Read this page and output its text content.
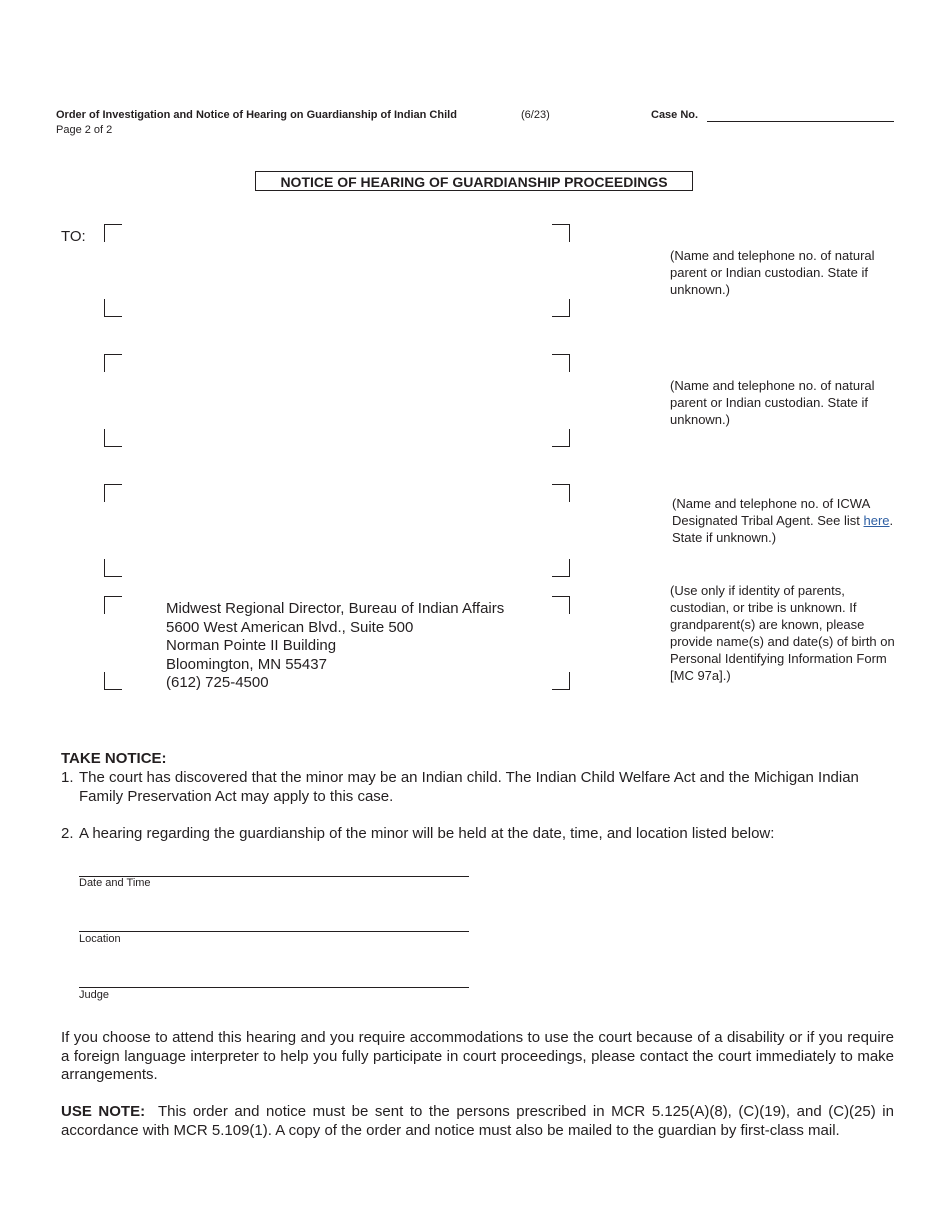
Order of Investigation and Notice of Hearing on Guardianship of Indian Child	(6/23)
Page 2 of 2
Case No.
NOTICE OF HEARING OF GUARDIANSHIP PROCEEDINGS
TO:
(Name and telephone no. of natural parent or Indian custodian. State if unknown.)
(Name and telephone no. of natural parent or Indian custodian. State if unknown.)
(Name and telephone no. of ICWA Designated Tribal Agent. See list here. State if unknown.)
Midwest Regional Director, Bureau of Indian Affairs
5600 West American Blvd., Suite 500
Norman Pointe II Building
Bloomington, MN 55437
(612) 725-4500
(Use only if identity of parents, custodian, or tribe is unknown. If grandparent(s) are known, please provide name(s) and date(s) of birth on Personal Identifying Information Form [MC 97a].)
TAKE NOTICE:
1. The court has discovered that the minor may be an Indian child. The Indian Child Welfare Act and the Michigan Indian Family Preservation Act may apply to this case.
2. A hearing regarding the guardianship of the minor will be held at the date, time, and location listed below:
Date and Time
Location
Judge
If you choose to attend this hearing and you require accommodations to use the court because of a disability or if you require a foreign language interpreter to help you fully participate in court proceedings, please contact the court immediately to make arrangements.
USE NOTE: This order and notice must be sent to the persons prescribed in MCR 5.125(A)(8), (C)(19), and (C)(25) in accordance with MCR 5.109(1). A copy of the order and notice must also be mailed to the guardian by first-class mail.
